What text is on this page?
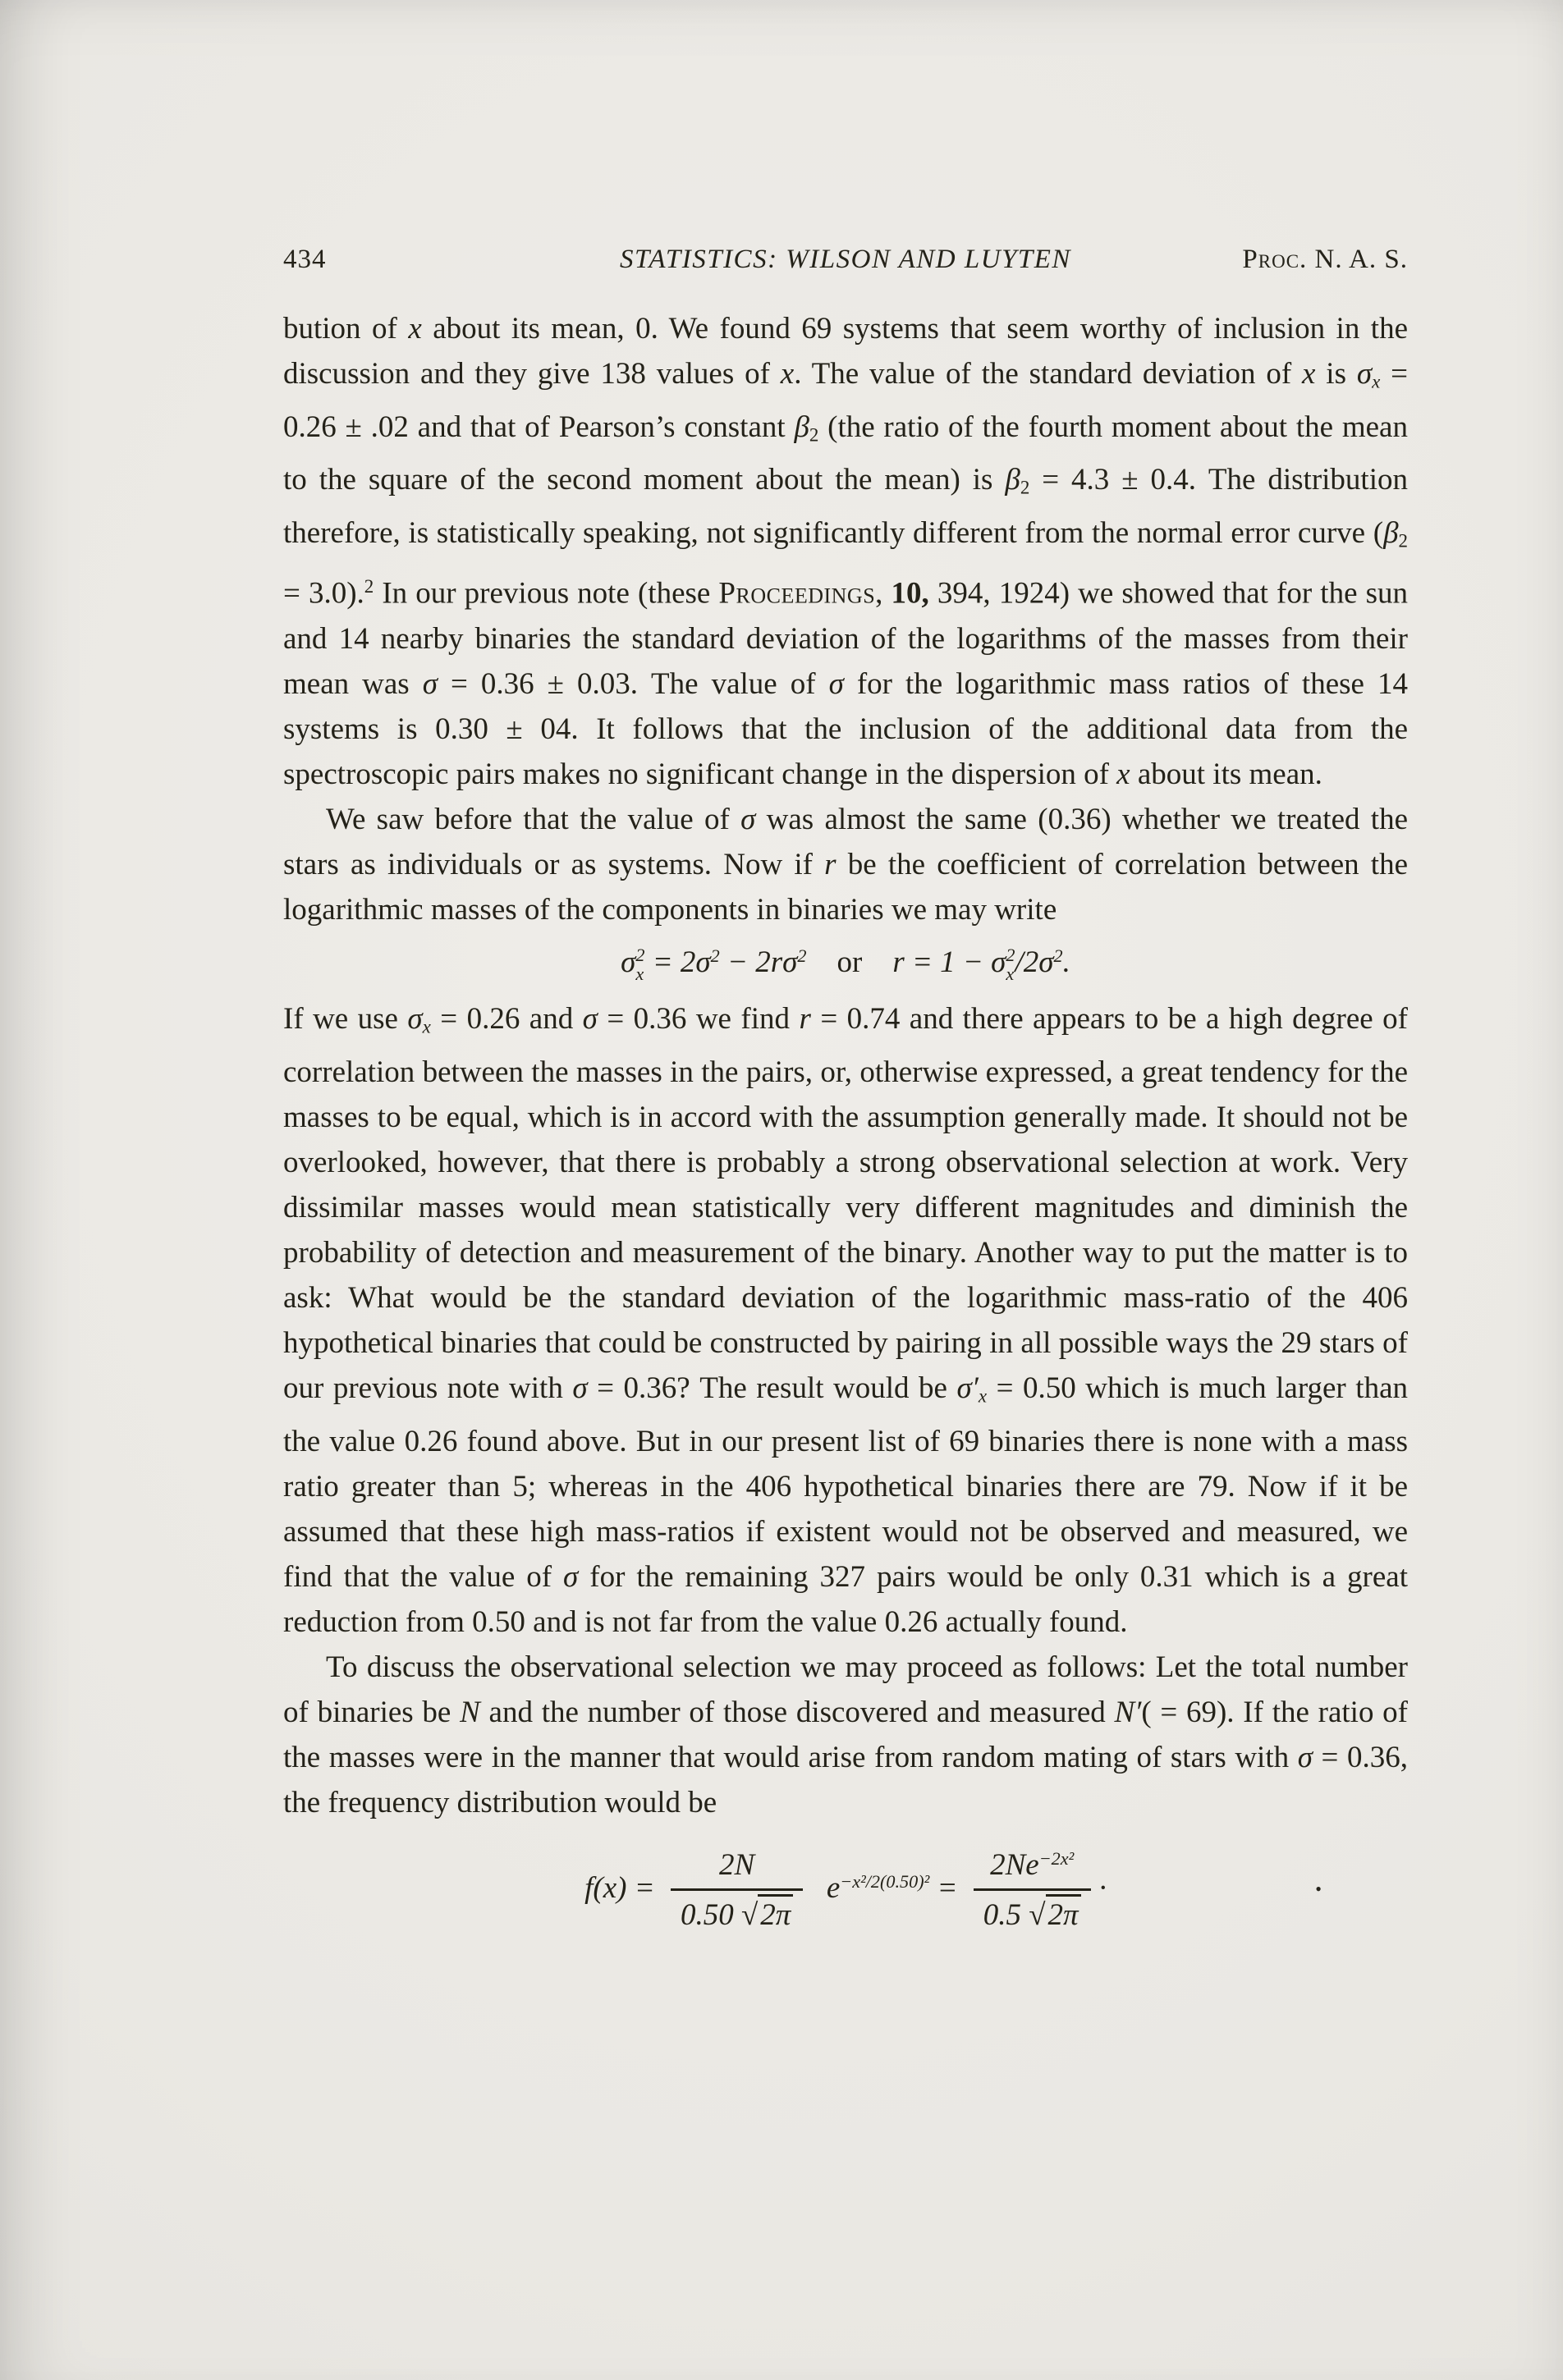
434	STATISTICS: WILSON AND LUYTEN	Proc. N. A. S.

bution of x about its mean, 0. We found 69 systems that seem worthy of inclusion in the discussion and they give 138 values of x. The value of the standard deviation of x is σx = 0.26 ± .02 and that of Pearson’s constant β2 (the ratio of the fourth moment about the mean to the square of the second moment about the mean) is β2 = 4.3 ± 0.4. The distribution therefore, is statistically speaking, not significantly different from the normal error curve (β2 = 3.0).$^2$ In our previous note (these Proceedings, 10, 394, 1924) we showed that for the sun and 14 nearby binaries the standard deviation of the logarithms of the masses from their mean was σ = 0.36 ± 0.03. The value of σ for the logarithmic mass ratios of these 14 systems is 0.30 ± 04. It follows that the inclusion of the additional data from the spectroscopic pairs makes no significant change in the dispersion of x about its mean.

We saw before that the value of σ was almost the same (0.36) whether we treated the stars as individuals or as systems. Now if r be the coefficient of correlation between the logarithmic masses of the components in binaries we may write

σ 2
$x = 2\sigma^2 - 2r\sigma^2$  or  r = 1 − σ 2
x $/2\sigma^2$.

If we use σx = 0.26 and σ = 0.36 we find r = 0.74 and there appears to be a high degree of correlation between the masses in the pairs, or, otherwise expressed, a great tendency for the masses to be equal, which is in accord with the assumption generally made. It should not be overlooked, however, that there is probably a strong observational selection at work. Very dissimilar masses would mean statistically very different magnitudes and diminish the probability of detection and measurement of the binary. Another way to put the matter is to ask: What would be the standard deviation of the logarithmic mass-ratio of the 406 hypothetical binaries that could be constructed by pairing in all possible ways the 29 stars of our previous note with σ = 0.36? The result would be σ′x = 0.50 which is much larger than the value 0.26 found above. But in our present list of 69 binaries there is none with a mass ratio greater than 5; whereas in the 406 hypothetical binaries there are 79. Now if it be assumed that these high mass-ratios if existent would not be observed and measured, we find that the value of σ for the remaining 327 pairs would be only 0.31 which is a great reduction from 0.50 and is not far from the value 0.26 actually found.

To discuss the observational selection we may proceed as follows: Let the total number of binaries be N and the number of those discovered and measured N′( = 69). If the ratio of the masses were in the manner that would arise from random mating of stars with σ = 0.36, the frequency distribution would be

•
$f(x) = \frac{2N}{0.50 √2\pi}$
  $e^{-x^2/2(0.50)^2} = \frac{2Ne^{-2x^2}}{0.5 √2\pi}$ ·
